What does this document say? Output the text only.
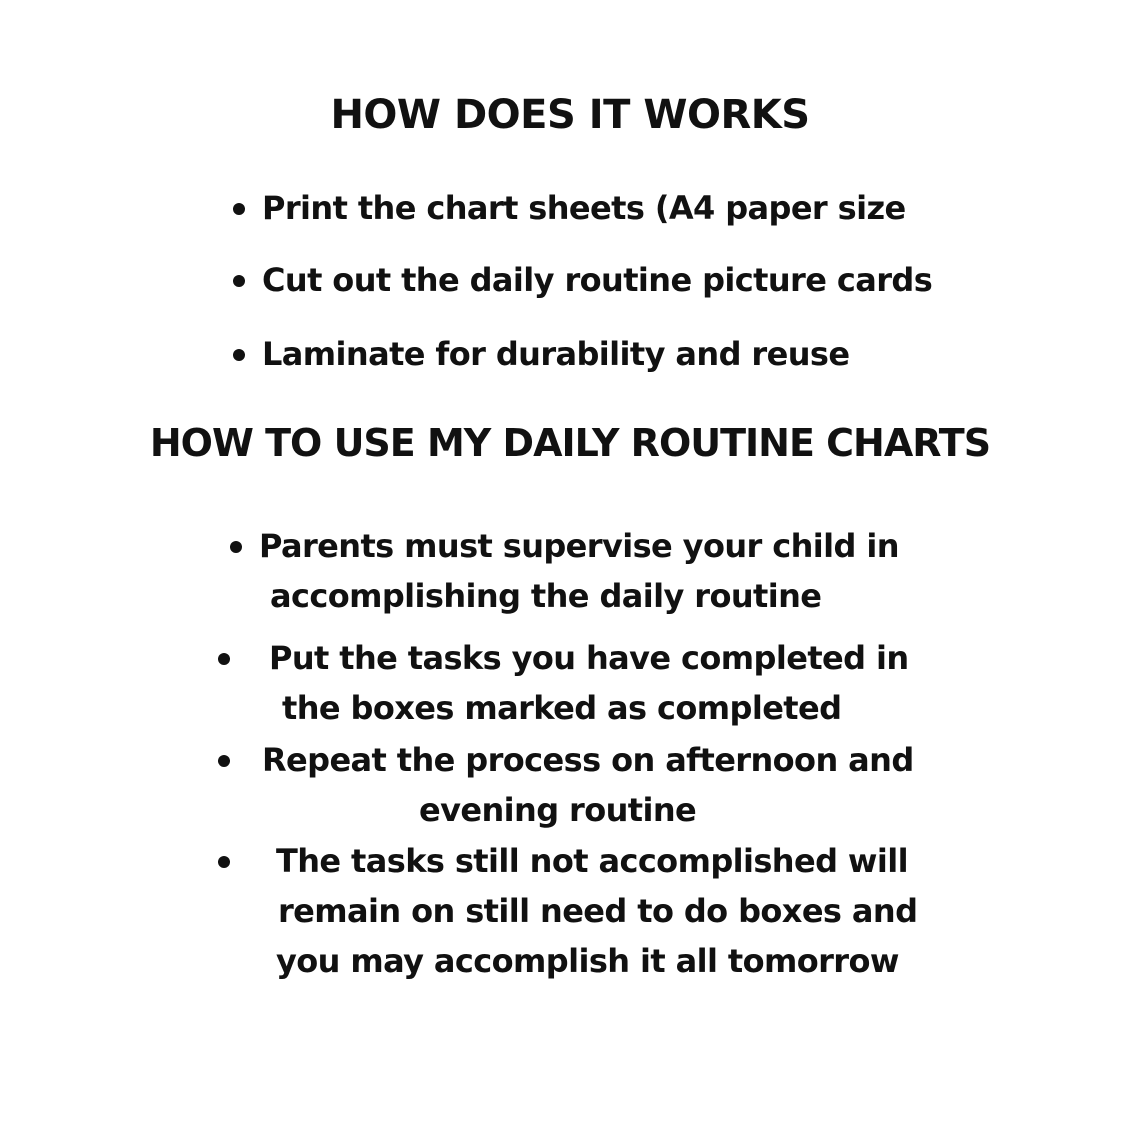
HOW DOES IT WORKS
Print the chart sheets (A4 paper size
Cut out the daily routine picture cards
Laminate for durability and reuse
HOW TO USE MY DAILY ROUTINE CHARTS
Parents must supervise your child in
accomplishing the daily routine
Put the tasks you have completed in
the boxes marked as completed
Repeat the process on afternoon and
evening routine
The tasks still not accomplished will
remain on still need to do boxes and
you may accomplish it all tomorrow
